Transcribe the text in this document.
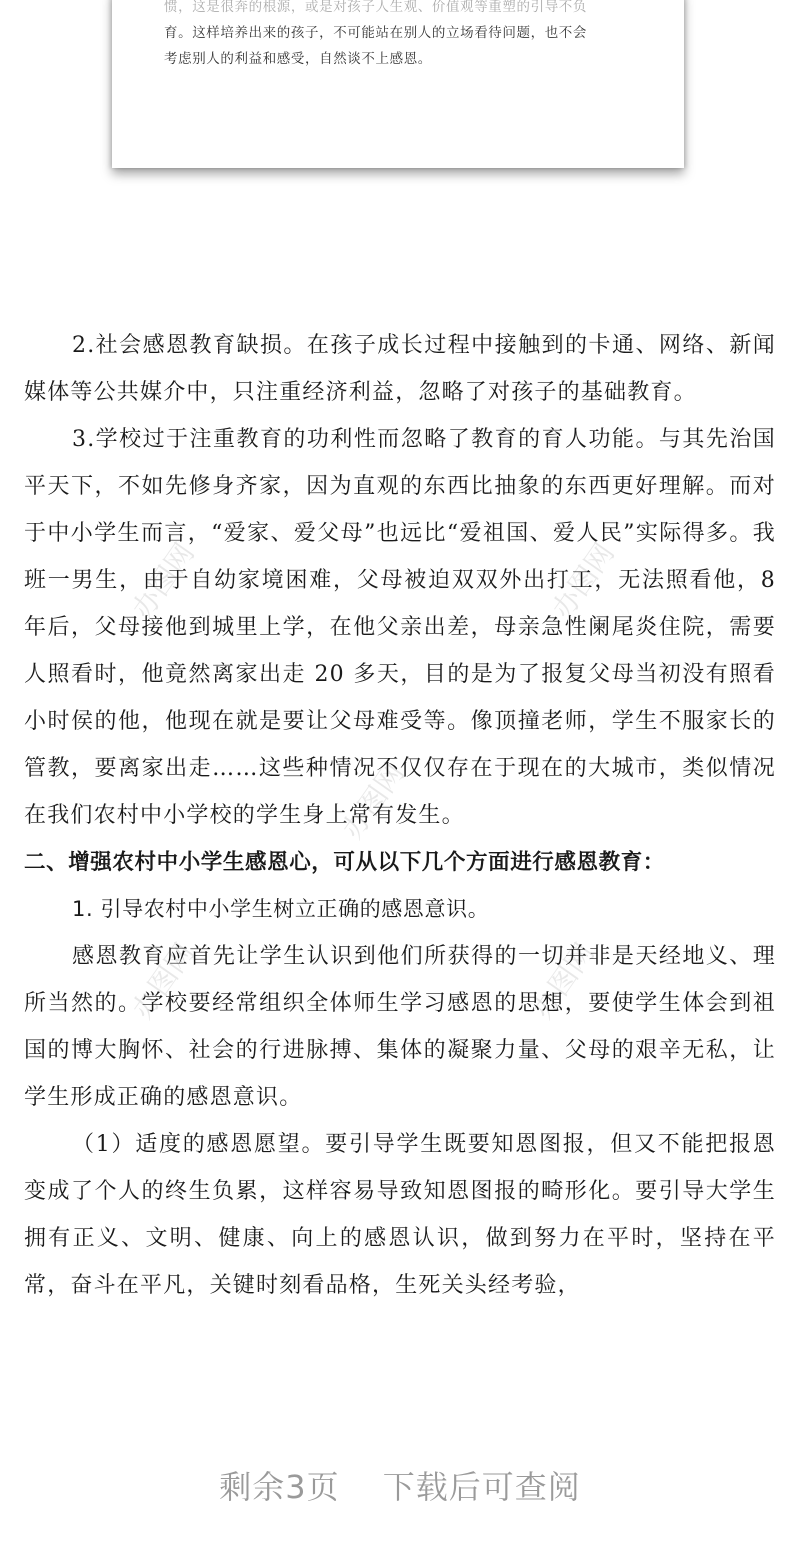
惯，这是很奔的根源，或是对孩子人生观、价值观等重塑的引导不负
育。这样培养出来的孩子，不可能站在别人的立场看待问题，也不会
考虑别人的利益和感受，自然谈不上感恩。
办图网	办图网
办图网
办图网	办图网

2.社会感恩教育缺损。在孩子成长过程中接触到的卡通、网络、新闻媒体等公共媒介中，只注重经济利益，忽略了对孩子的基础教育。

3.学校过于注重教育的功利性而忽略了教育的育人功能。与其先治国平天下，不如先修身齐家，因为直观的东西比抽象的东西更好理解。而对于中小学生而言，“爱家、爱父母”也远比“爱祖国、爱人民”实际得多。我班一男生，由于自幼家境困难，父母被迫双双外出打工，无法照看他，8 年后，父母接他到城里上学，在他父亲出差，母亲急性阑尾炎住院，需要人照看时，他竟然离家出走 20 多天，目的是为了报复父母当初没有照看小时侯的他，他现在就是要让父母难受等。像顶撞老师，学生不服家长的管教，要离家出走……这些种情况不仅仅存在于现在的大城市，类似情况在我们农村中小学校的学生身上常有发生。

二、增强农村中小学生感恩心，可从以下几个方面进行感恩教育：

1. 引导农村中小学生树立正确的感恩意识。

感恩教育应首先让学生认识到他们所获得的一切并非是天经地义、理所当然的。学校要经常组织全体师生学习感恩的思想，要使学生体会到祖国的博大胸怀、社会的行进脉搏、集体的凝聚力量、父母的艰辛无私，让学生形成正确的感恩意识。

（1）适度的感恩愿望。要引导学生既要知恩图报，但又不能把报恩变成了个人的终生负累，这样容易导致知恩图报的畸形化。要引导大学生拥有正义、文明、健康、向上的感恩认识，做到努力在平时，坚持在平常，奋斗在平凡，关键时刻看品格，生死关头经考验，

剩余3页 下载后可查阅
